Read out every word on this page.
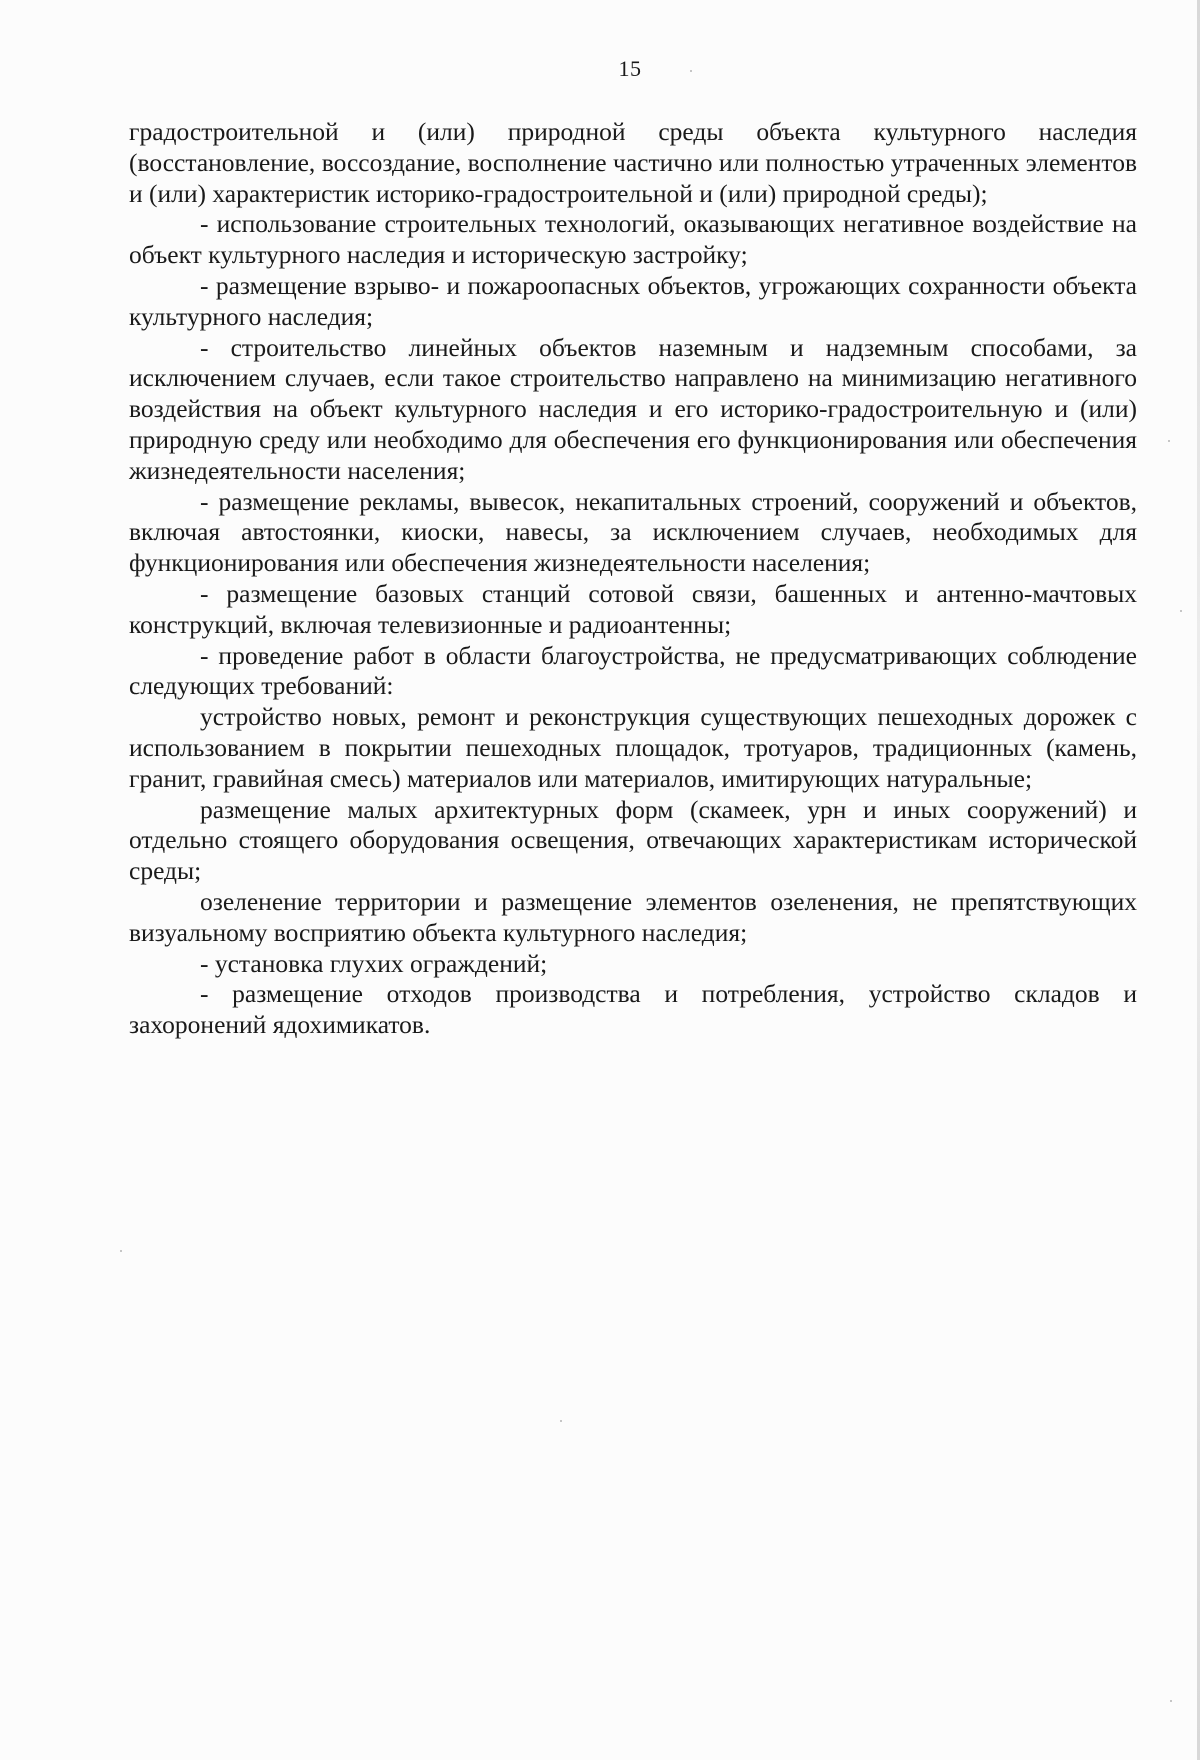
15

градостроительной и (или) природной среды объекта культурного наследия (восстановление, воссоздание, восполнение частично или полностью утраченных элементов и (или) характеристик историко-градостроительной и (или) природной среды);

- использование строительных технологий, оказывающих негативное воздействие на объект культурного наследия и историческую застройку;

- размещение взрыво- и пожароопасных объектов, угрожающих сохранности объекта культурного наследия;

- строительство линейных объектов наземным и надземным способами, за исключением случаев, если такое строительство направлено на минимизацию негативного воздействия на объект культурного наследия и его историко-градостроительную и (или) природную среду или необходимо для обеспечения его функционирования или обеспечения жизнедеятельности населения;

- размещение рекламы, вывесок, некапитальных строений, сооружений и объектов, включая автостоянки, киоски, навесы, за исключением случаев, необходимых для функционирования или обеспечения жизнедеятельности населения;

- размещение базовых станций сотовой связи, башенных и антенно-мачтовых конструкций, включая телевизионные и радиоантенны;

- проведение работ в области благоустройства, не предусматривающих соблюдение следующих требований:

устройство новых, ремонт и реконструкция существующих пешеходных дорожек с использованием в покрытии пешеходных площадок, тротуаров, традиционных (камень, гранит, гравийная смесь) материалов или материалов, имитирующих натуральные;

размещение малых архитектурных форм (скамеек, урн и иных сооружений) и отдельно стоящего оборудования освещения, отвечающих характеристикам исторической среды;

озеленение территории и размещение элементов озеленения, не препятствующих визуальному восприятию объекта культурного наследия;

- установка глухих ограждений;

- размещение отходов производства и потребления, устройство складов и захоронений ядохимикатов.
